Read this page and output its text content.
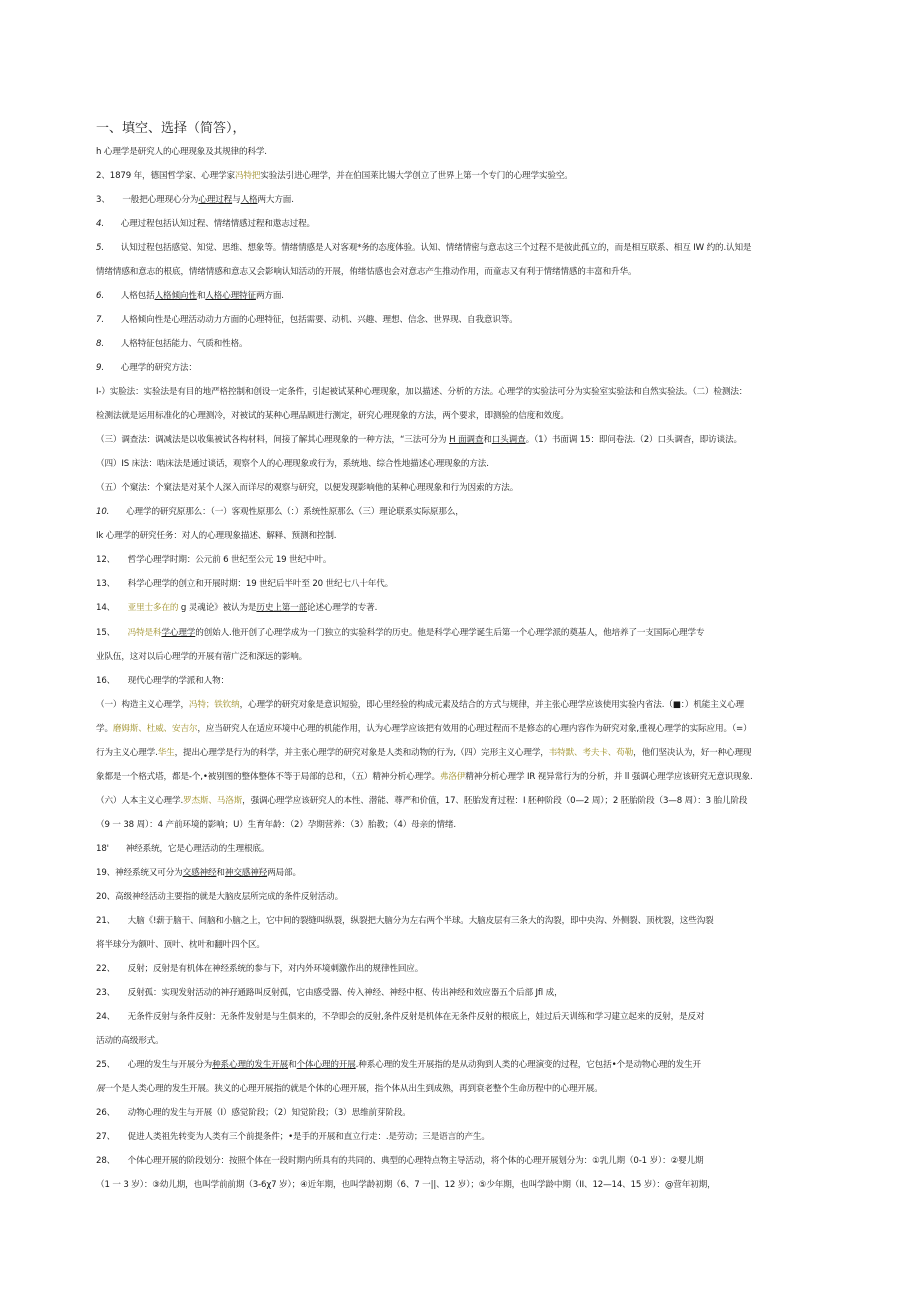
一、填空、选择（简答），
h 心理学是研究人的心理现象及其规律的科学.
2、1879 年，德国哲学家、心理学家冯特把实验法引进心理学，并在伯国莱比锡大学创立了世界上第一个专门的心理学实验空。
3、　　一般把心理现心分为心理过程与人格两大方面.
4.　　心理过程包括认知过程、情绪情感过程和遨志过程。
5.　　认知过程包括感觉、知觉、思维、想象等。情绪情感是人对客观*务的态度体验。认知、情绪情密与意志这三个过程不是彼此孤立的，而是相互联系、相互 IW 约的.认知是
情绪情感和意志的根底，情绪情感和意志又会影响认知活动的开展，侑绪怙感也会对意志产生推动作用，而童志又有利于情绪情感的丰富和升华。
6.　　人格包括人格倾向性和人格心理特征两方面.
7.　　人格倾向性是心理活动动力方面的心理特征，包括需要、动机、兴趣、理想、信念、世界现、自我意识等。
8.　　人格特征包括能力、气质和性格。
9.　　心理学的研究方法：
I-）实脸法：实验法是有目的地严格控制和创设一定条件，引起被试某种心理现象，加以描述、分析的方法。心理学的实验法可分为实验室实验法和自然实验法。（二）检测法：
检测法就是运用标准化的心理测冷，对被试的某种心理品顾进行测定，研究心理现象的方法，两个要求，即测验的信度和效度。
（三）调查法：调减法是以收集被试各构材料，间接了解其心理现象的一种方法，“三法可分为 H 面调查和口头调查。（1）书面调 15：即问卷法.（2）口头调杳，即访谈法。
（四）IS 床法：啮床法是通过谈话，观察个人的心理现象或行为，系统地、综合性地描述心理现象的方法.
（五）个窠法：个窠法是对某个人深入而详尽的观察与研究，以便发现影响他的某种心理现象和行为因索的方法。
10.　　心理学的研究原那么：（一）客观性原那么（：）系统性原那么（三）理论联系实际原那么，
Ik 心理学的研究任务：对人的心理现象描述、解释、预测和控制.
12、　　哲学心理学时期：公元前 6 世纪至公元 19 世纪中叶。
13、　　科学心理学的创立和开展时期：19 世纪后半叶至 20 世纪七八十年代。
14、　　亚里士多在的 g 灵魂论》被认为是历史上第一部论述心理学的专著.
15、　　冯特是科学心理学的创始人.他开创了心理学成为一门独立的实验科学的历史。他是科学心理学诞生后第一个心理学派的奠基人，他培养了一支国际心理学专
业队伍，这对以后心理学的开展有蓿广泛和深远的影响。
16、　　现代心理学的学派和人物：
（一）构造主义心理学，冯特；铁钦纳，心理学的研究对象是意识短验，即心里经验的构成元素及结合的方式与规律，并主张心理学应该使用实验内省法.（■：）机能主义心理
学。磨姆斯、杜威、安吉尔，应当研究人在适应环境中心理的机能作用，认为心理学应该把有效用的心理过程而不是修态的心理内容作为研究对象,重视心理学的实际应用。（=）
行为主义心理学.华生，提出心理学是行为的科学，并主张心理学的研究对象是人类和动物的行为,（四）完形主义心理学，韦特默、考夫卡、苟勒，他们坚决认为，好一种心理现
象都是一个格式塔，都是-个,•被别图的整体整体不等于局部的总和，（五）精神分析心理学。弗洛伊精神分析心理学 IR 视异常行为的分析，并 ll 强调心理学应该研究无意识现象.
（六）人本主义心理学.罗杰斯、马洛斯，强调心理学应该研究人的本性、潜能、尊严和价值，17、胚胎发育过程：I 胚种阶段（0—2 周）；2 胚胎阶段（3—8 周）：3 胎儿阶段
（9 一 38 周）：4 产前环境的影响；U）生育年龄：（2）孕期营养：（3）胎教；（4）母亲的情绪.
18'　　神经系统，它是心理活动的生理根底。
19、神经系统又可分为交感神经和神交感神羟两局部。
20、高级神经活动主要指的就是大脑皮层所完成的条件反射活动。
21、　　大脑《!薪于脑干、间脑和小脑之上，它中间的裂缝叫纵裂，纵裂把大脑分为左右两个半球。大脑皮层有三条大的沟裂，即中央沟、外侧裂、顶枕裂，这些沟裂
将半球分为额叶、顶叶、枕叶和翻叶四个区。
22、　　反射；反射是有机体在神经系统的参与下，对内外环境刺激作出的规律性回应。
23、　　反射孤：实现发射活动的神孖通路叫反射孤，它由感受器、传入神经、神经中枢、传出神经和效应器五个后部 Jfl 成，
24、　　无条件反射与条件反射：无条件发射是与生俱来的，不孕即会的反射,条件反射是机体在无条件反射的根底上，娃过后天训练和学习建立起来的反射，是反对
活动的高级形式。
25、　　心理的发生与开展分为种系心理的发生开展和个体心理的开展.种系心理的发生开展指的是从动狗到人类的心理演变的过程，它包括•个是动物心理的发生开
展一个是人类心理的发生开展。狭义的心理开展指的就是个体的心理开展，指个体从出生到成熟，再到衰老整个生命历程中的心理开展。
26、　　动物心理的发生与开展（I）感觉阶段；（2）知觉阶段；（3）思维前芽阶段。
27、　　促进人类祖先转变为人类有三个前提条件；•是手的开展和直立行走：.是劳动；三是语言的产生。
28、　　个体心理开展的阶段划分：按照个体在一段时期内所具有的共同的、典型的心理特点物主导活动，将个体的心理开展划分为：①乳儿期（0-1 岁）：②婴儿期
（1 一 3 岁）：③幼儿期，也叫学前前期（3-6χ7 岁）；④近年期，也叫学龄初期（6、7 一||、12 岁）；⑤少年期，也叫学龄中期（II、12—14、15 岁）：@营年初期，
